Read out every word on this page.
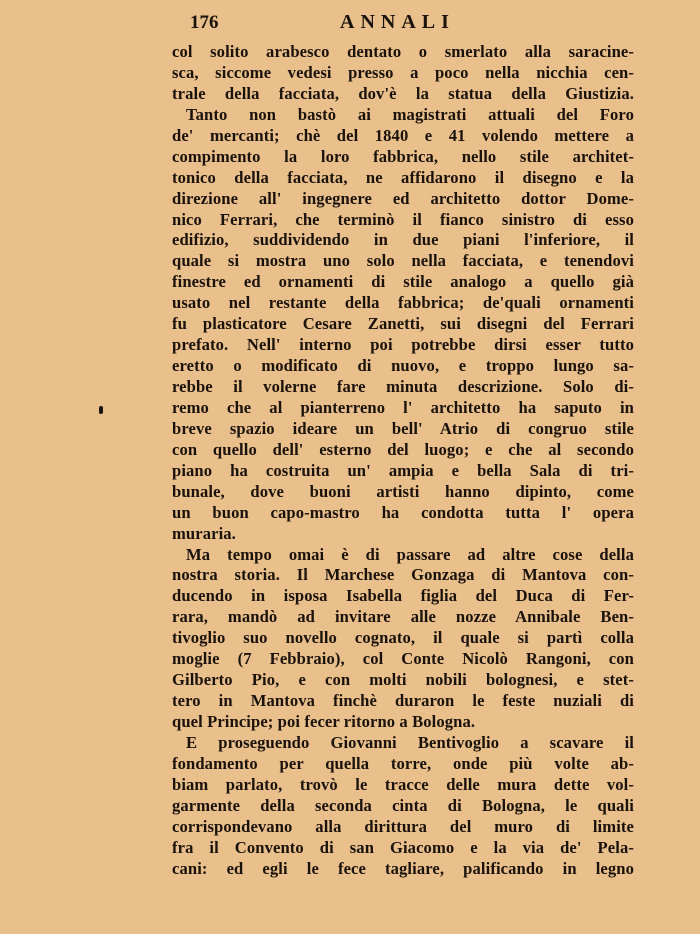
176	ANNALI
col solito arabesco dentato o smerlato alla saracine-
sca, siccome vedesi presso a poco nella nicchia cen-
trale della facciata, dov'è la statua della Giustizia.
Tanto non bastò ai magistrati attuali del Foro
de' mercanti; chè del 1840 e 41 volendo mettere a
compimento la loro fabbrica, nello stile architet-
tonico della facciata, ne affidarono il disegno e la
direzione all' ingegnere ed architetto dottor Dome-
nico Ferrari, che terminò il fianco sinistro di esso
edifizio, suddividendo in due piani l'inferiore, il
quale si mostra uno solo nella facciata, e tenendovi
finestre ed ornamenti di stile analogo a quello già
usato nel restante della fabbrica; de'quali ornamenti
fu plasticatore Cesare Zanetti, sui disegni del Ferrari
prefato. Nell' interno poi potrebbe dirsi esser tutto
eretto o modificato di nuovo, e troppo lungo sa-
rebbe il volerne fare minuta descrizione. Solo di-
remo che al pianterreno l' architetto ha saputo in
breve spazio ideare un bell' Atrio di congruo stile
con quello dell' esterno del luogo; e che al secondo
piano ha costruita un' ampia e bella Sala di tri-
bunale, dove buoni artisti hanno dipinto, come
un buon capo-mastro ha condotta tutta l' opera
muraria.
Ma tempo omai è di passare ad altre cose della
nostra storia. Il Marchese Gonzaga di Mantova con-
ducendo in isposa Isabella figlia del Duca di Fer-
rara, mandò ad invitare alle nozze Annibale Ben-
tivoglio suo novello cognato, il quale si partì colla
moglie (7 Febbraio), col Conte Nicolò Rangoni, con
Gilberto Pio, e con molti nobili bolognesi, e stet-
tero in Mantova finchè duraron le feste nuziali di
quel Principe; poi fecer ritorno a Bologna.
E proseguendo Giovanni Bentivoglio a scavare il
fondamento per quella torre, onde più volte ab-
biam parlato, trovò le tracce delle mura dette vol-
garmente della seconda cinta di Bologna, le quali
corrispondevano alla dirittura del muro di limite
fra il Convento di san Giacomo e la via de' Pela-
cani: ed egli le fece tagliare, palificando in legno
